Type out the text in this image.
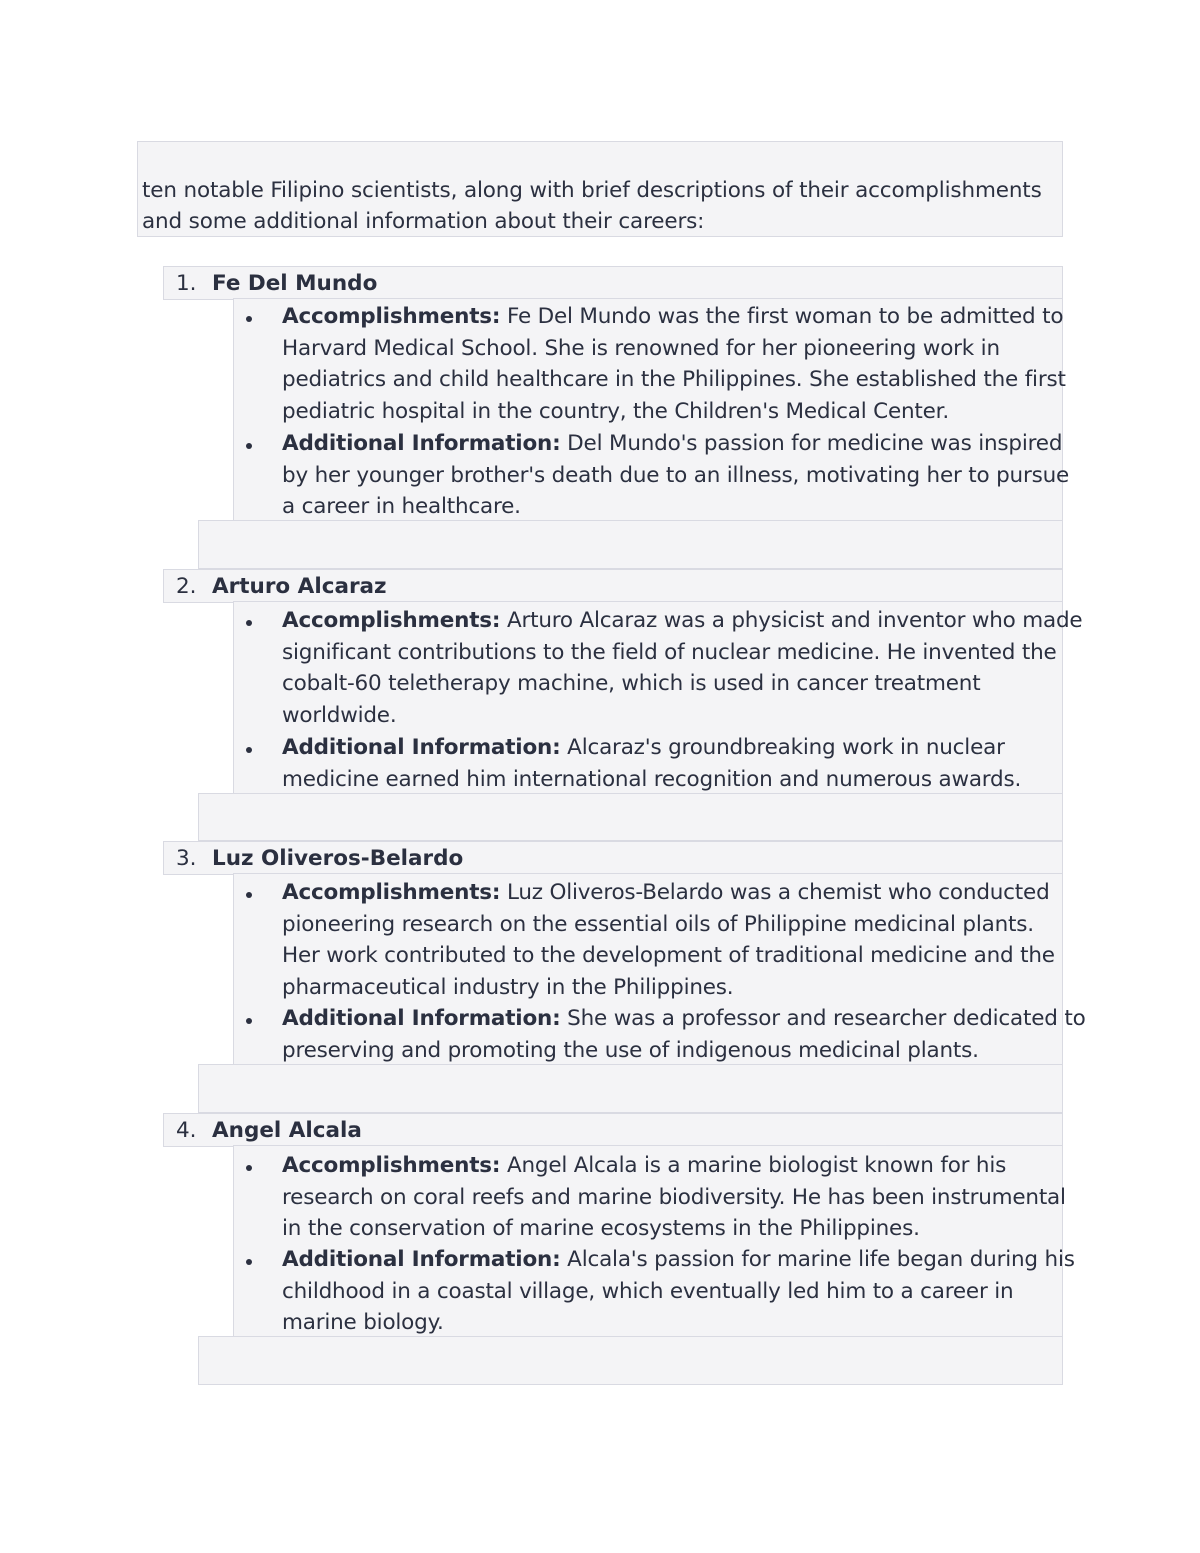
ten notable Filipino scientists, along with brief descriptions of their accomplishments
and some additional information about their careers:
1. Fe Del Mundo
Accomplishments: Fe Del Mundo was the first woman to be admitted to
Harvard Medical School. She is renowned for her pioneering work in
pediatrics and child healthcare in the Philippines. She established the first
pediatric hospital in the country, the Children's Medical Center.
Additional Information: Del Mundo's passion for medicine was inspired
by her younger brother's death due to an illness, motivating her to pursue
a career in healthcare.
2. Arturo Alcaraz
Accomplishments: Arturo Alcaraz was a physicist and inventor who made
significant contributions to the field of nuclear medicine. He invented the
cobalt-60 teletherapy machine, which is used in cancer treatment
worldwide.
Additional Information: Alcaraz's groundbreaking work in nuclear
medicine earned him international recognition and numerous awards.
3. Luz Oliveros-Belardo
Accomplishments: Luz Oliveros-Belardo was a chemist who conducted
pioneering research on the essential oils of Philippine medicinal plants.
Her work contributed to the development of traditional medicine and the
pharmaceutical industry in the Philippines.
Additional Information: She was a professor and researcher dedicated to
preserving and promoting the use of indigenous medicinal plants.
4. Angel Alcala
Accomplishments: Angel Alcala is a marine biologist known for his
research on coral reefs and marine biodiversity. He has been instrumental
in the conservation of marine ecosystems in the Philippines.
Additional Information: Alcala's passion for marine life began during his
childhood in a coastal village, which eventually led him to a career in
marine biology.
